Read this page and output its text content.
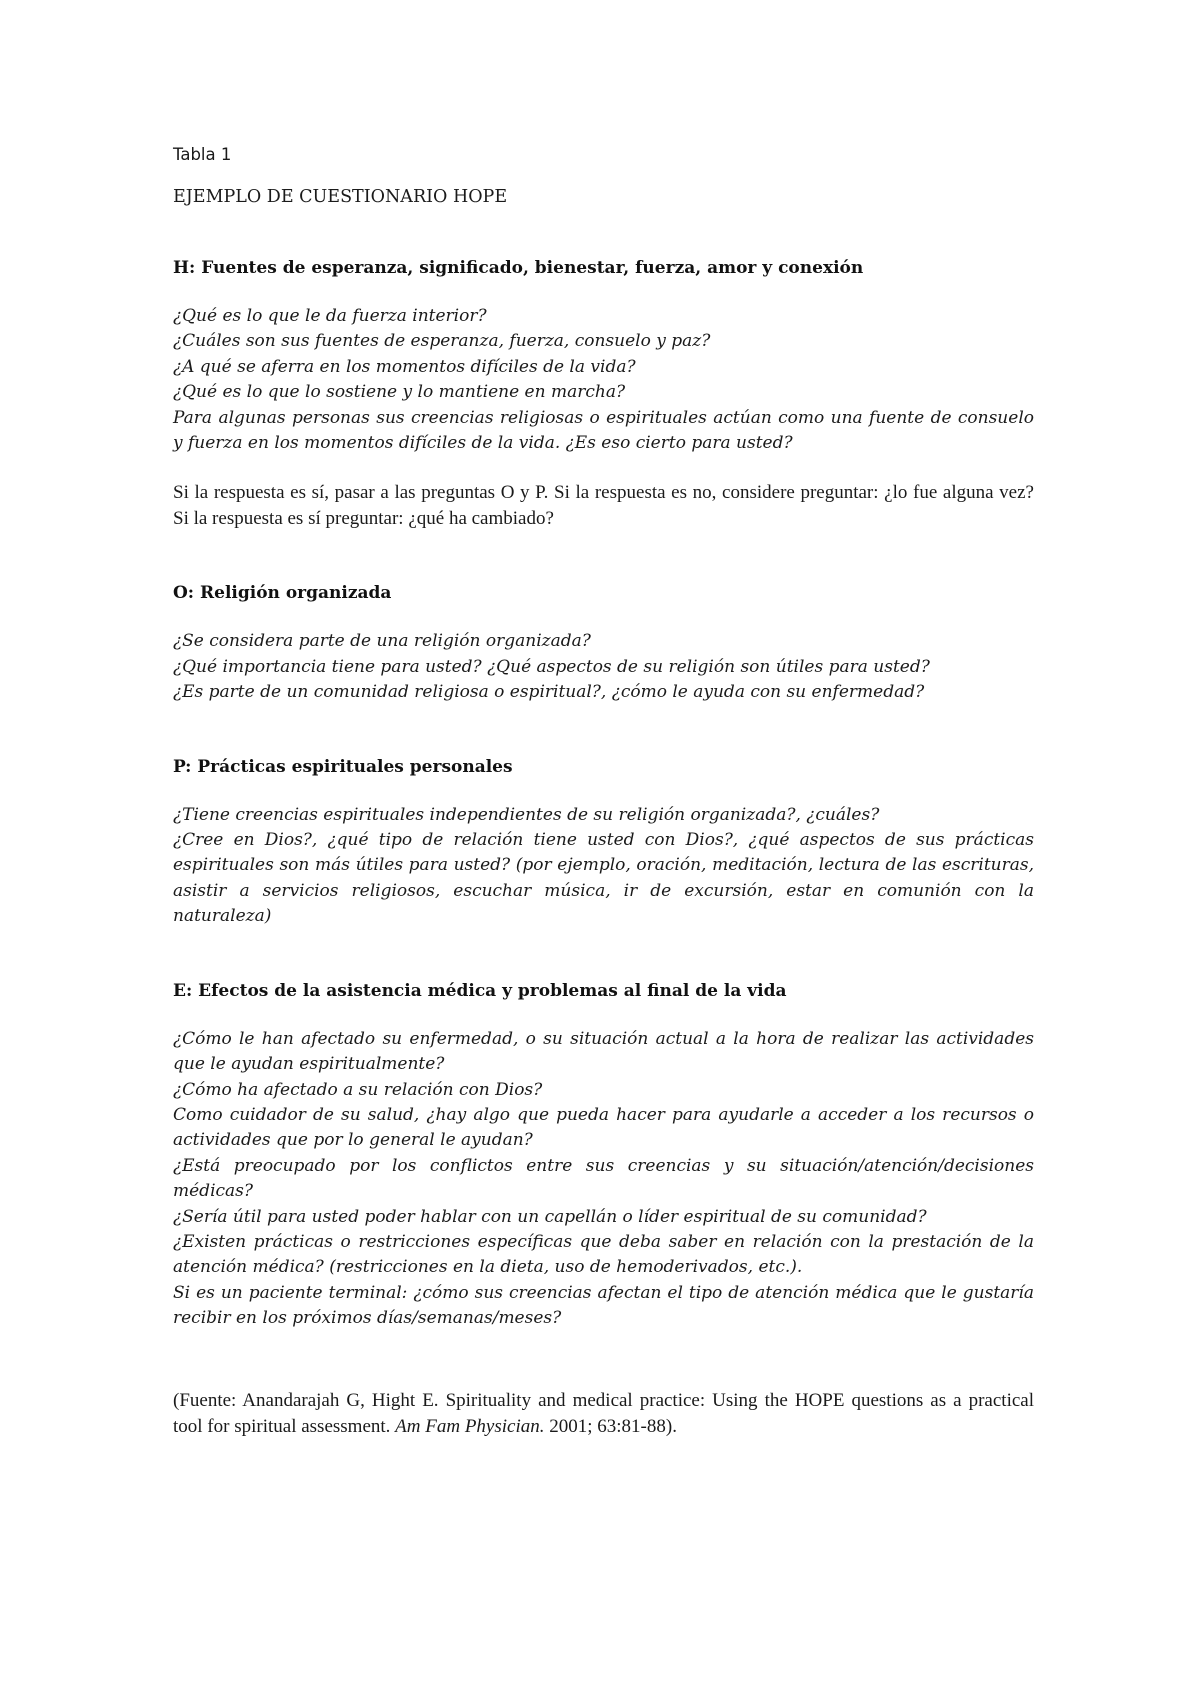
Tabla 1

EJEMPLO DE CUESTIONARIO HOPE

H: Fuentes de esperanza, significado, bienestar, fuerza, amor y conexión

¿Qué es lo que le da fuerza interior?

¿Cuáles son sus fuentes de esperanza, fuerza, consuelo y paz?

¿A qué se aferra en los momentos difíciles de la vida?

¿Qué es lo que lo sostiene y lo mantiene en marcha?

Para algunas personas sus creencias religiosas o espirituales actúan como una fuente de consuelo y fuerza en los momentos difíciles de la vida. ¿Es eso cierto para usted?

Si la respuesta es sí, pasar a las preguntas O y P. Si la respuesta es no, considere preguntar: ¿lo fue alguna vez? Si la respuesta es sí preguntar: ¿qué ha cambiado?

O: Religión organizada

¿Se considera parte de una religión organizada?

¿Qué importancia tiene para usted? ¿Qué aspectos de su religión son útiles para usted?

¿Es parte de un comunidad religiosa o espiritual?, ¿cómo le ayuda con su enfermedad?

P: Prácticas espirituales personales

¿Tiene creencias espirituales independientes de su religión organizada?, ¿cuáles?

¿Cree en Dios?, ¿qué tipo de relación tiene usted con Dios?, ¿qué aspectos de sus prácticas espirituales son más útiles para usted? (por ejemplo, oración, meditación, lectura de las escrituras, asistir a servicios religiosos, escuchar música, ir de excursión, estar en comunión con la naturaleza)

E: Efectos de la asistencia médica y problemas al final de la vida

¿Cómo le han afectado su enfermedad, o su situación actual a la hora de realizar las actividades que le ayudan espiritualmente?

¿Cómo ha afectado a su relación con Dios?

Como cuidador de su salud, ¿hay algo que pueda hacer para ayudarle a acceder a los recursos o actividades que por lo general le ayudan?

¿Está preocupado por los conflictos entre sus creencias y su situación/atención/decisiones médicas?

¿Sería útil para usted poder hablar con un capellán o líder espiritual de su comunidad?

¿Existen prácticas o restricciones específicas que deba saber en relación con la prestación de la atención médica? (restricciones en la dieta, uso de hemoderivados, etc.).

Si es un paciente terminal: ¿cómo sus creencias afectan el tipo de atención médica que le gustaría recibir en los próximos días/semanas/meses?

(Fuente: Anandarajah G, Hight E. Spirituality and medical practice: Using the HOPE questions as a practical tool for spiritual assessment. Am Fam Physician. 2001; 63:81-88).
